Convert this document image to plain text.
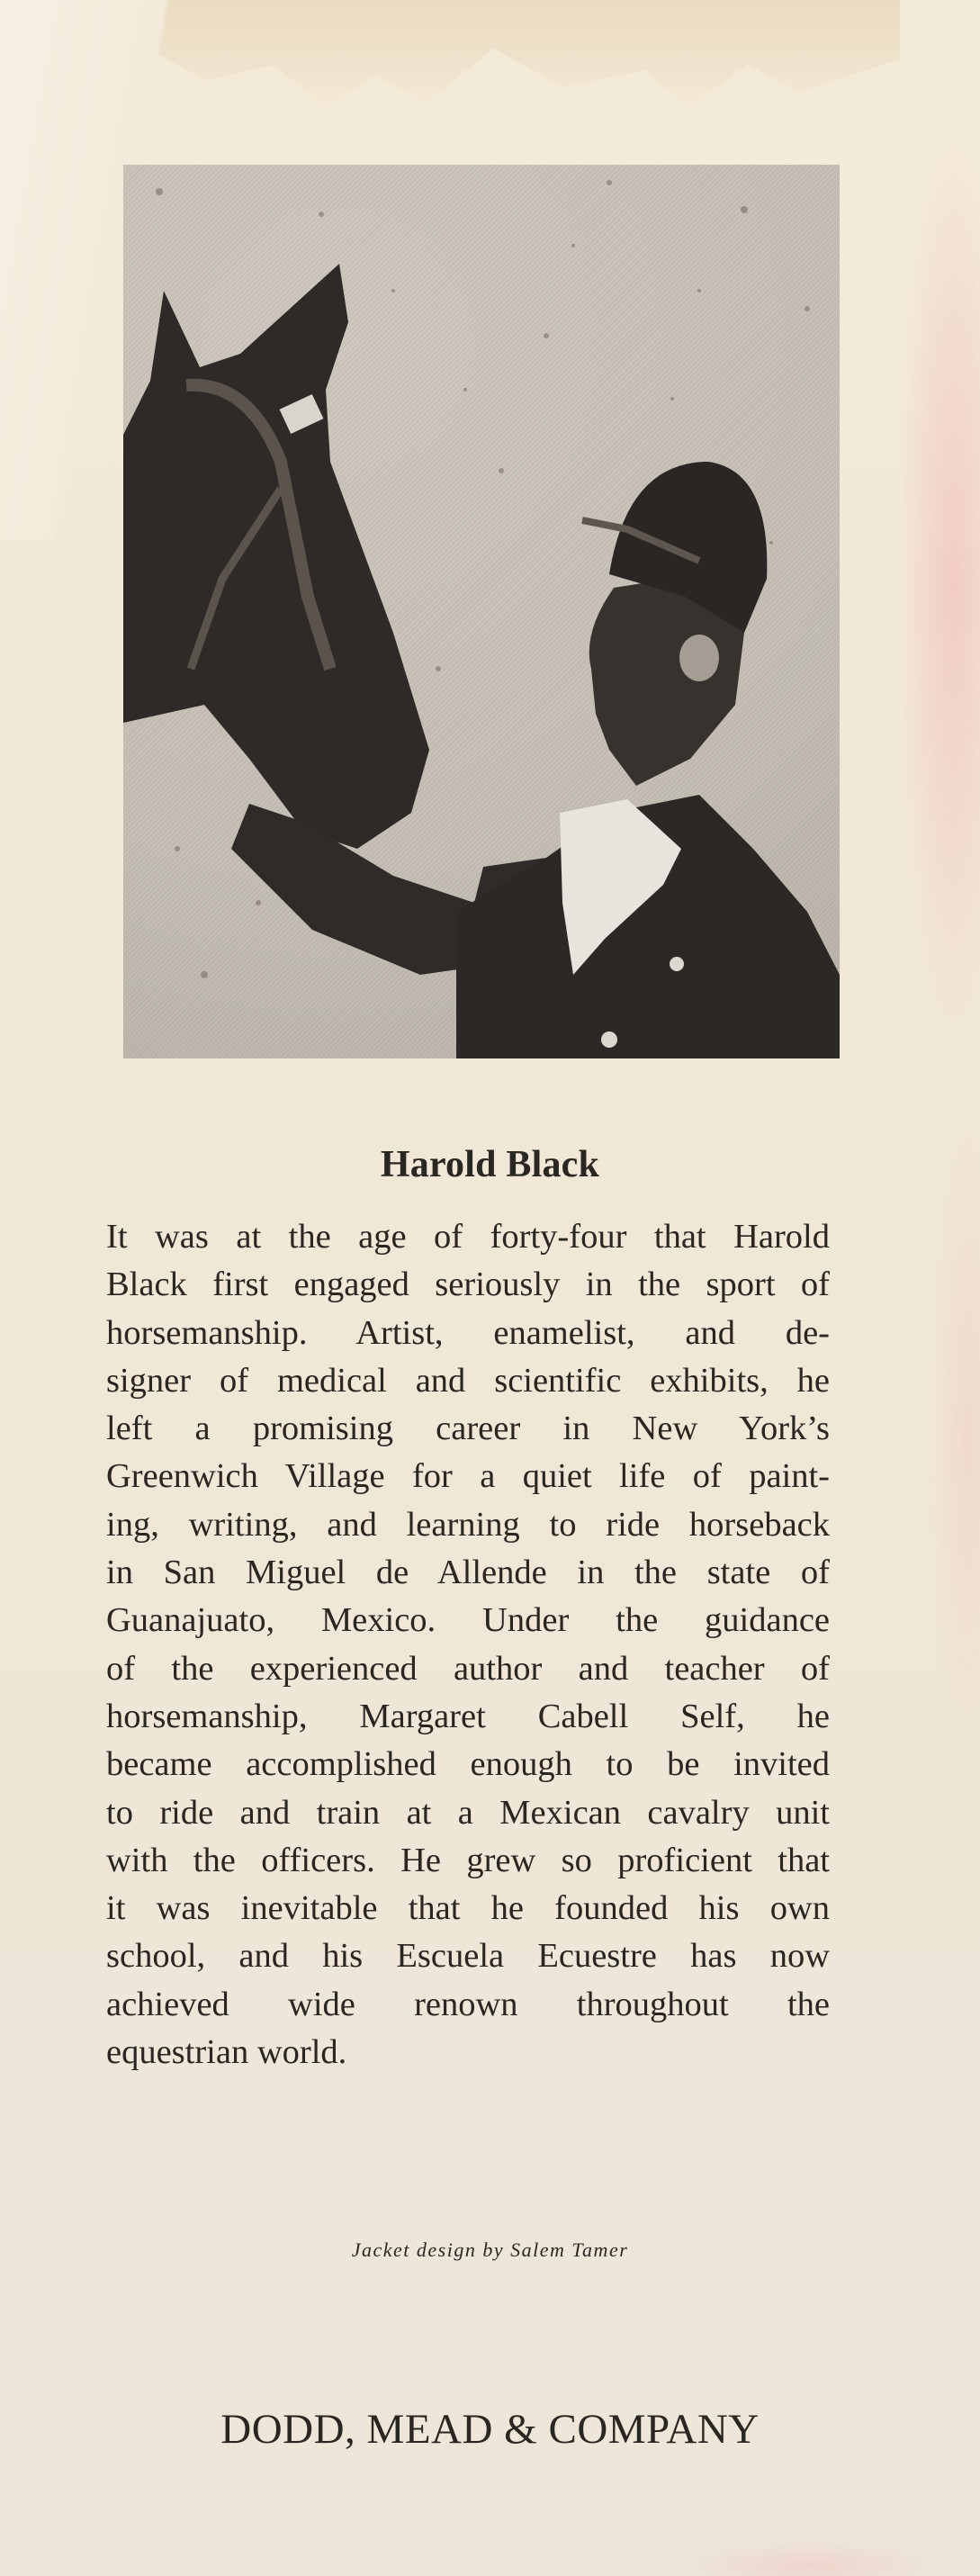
Harold Black
It was at the age of forty-four that Harold
Black first engaged seriously in the sport of
horsemanship. Artist, enamelist, and de-
signer of medical and scientific exhibits, he
left a promising career in New York’s
Greenwich Village for a quiet life of paint-
ing, writing, and learning to ride horseback
in San Miguel de Allende in the state of
Guanajuato, Mexico. Under the guidance
of the experienced author and teacher of
horsemanship, Margaret Cabell Self, he
became accomplished enough to be invited
to ride and train at a Mexican cavalry unit
with the officers. He grew so proficient that
it was inevitable that he founded his own
school, and his Escuela Ecuestre has now
achieved wide renown throughout the
equestrian world.
Jacket design by Salem Tamer
DODD, MEAD & COMPANY
